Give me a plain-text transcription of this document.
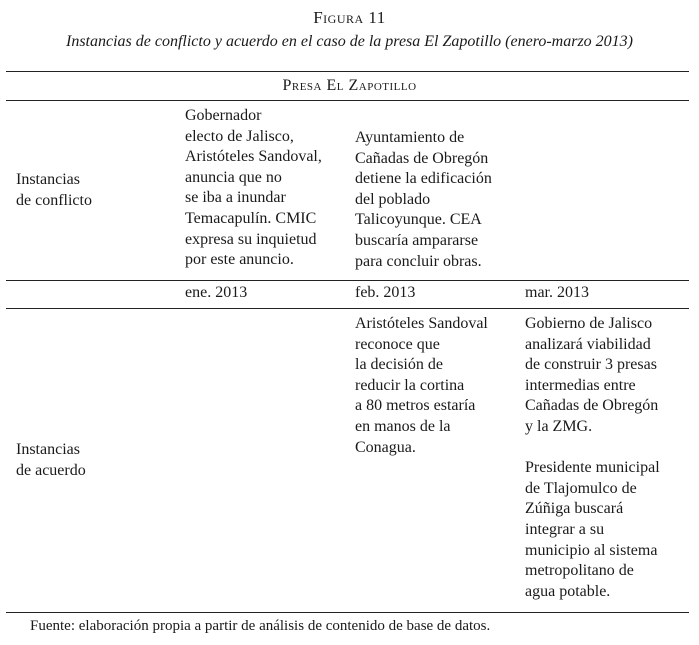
Figura 11
Instancias de conflicto y acuerdo en el caso de la presa El Zapotillo (enero-marzo 2013)
Presa El Zapotillo
Instancias
de conflicto
Gobernador
electo de Jalisco,
Aristóteles Sandoval,
anuncia que no
se iba a inundar
Temacapulín. CMIC
expresa su inquietud
por este anuncio.
Ayuntamiento de
Cañadas de Obregón
detiene la edificación
del poblado
Talicoyunque. CEA
buscaría ampararse
para concluir obras.
ene. 2013	feb. 2013	mar. 2013
Instancias
de acuerdo
Aristóteles Sandoval
reconoce que
la decisión de
reducir la cortina
a 80 metros estaría
en manos de la
Conagua.
Gobierno de Jalisco
analizará viabilidad
de construir 3 presas
intermedias entre
Cañadas de Obregón
y la ZMG.

Presidente municipal
de Tlajomulco de
Zúñiga buscará
integrar a su
municipio al sistema
metropolitano de
agua potable.
Fuente: elaboración propia a partir de análisis de contenido de base de datos.
